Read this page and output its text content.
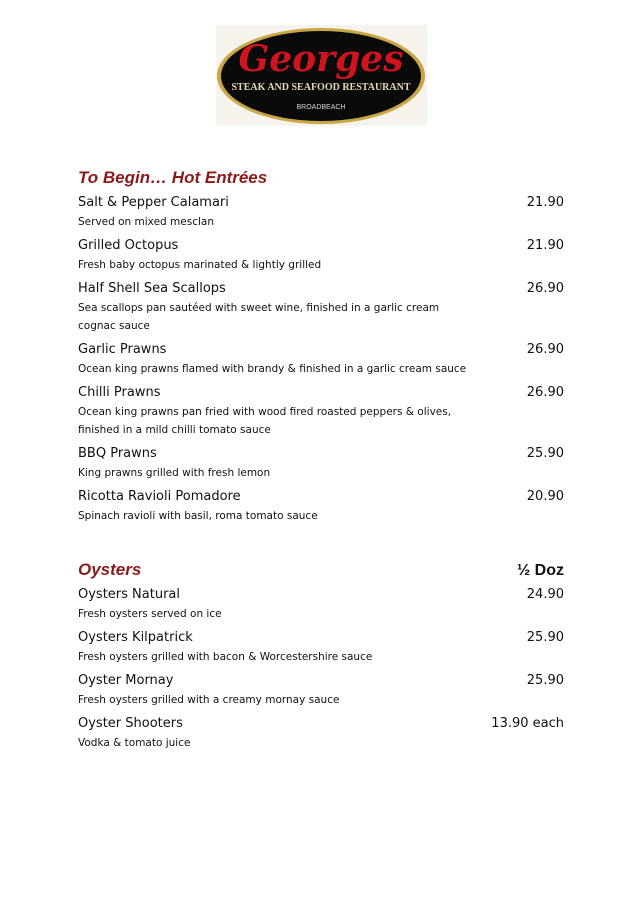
Georges
STEAK AND SEAFOOD RESTAURANT
BROADBEACH
To Begin… Hot Entrées
Salt & Pepper Calamari	21.90
Served on mixed mesclan
Grilled Octopus	21.90
Fresh baby octopus marinated & lightly grilled
Half Shell Sea Scallops	26.90
Sea scallops pan sautéed with sweet wine, finished in a garlic cream cognac sauce
Garlic Prawns	26.90
Ocean king prawns flamed with brandy & finished in a garlic cream sauce
Chilli Prawns	26.90
Ocean king prawns pan fried with wood fired roasted peppers & olives, finished in a mild chilli tomato sauce
BBQ Prawns	25.90
King prawns grilled with fresh lemon
Ricotta Ravioli Pomadore	20.90
Spinach ravioli with basil, roma tomato sauce
Oysters	½ Doz
Oysters Natural	24.90
Fresh oysters served on ice
Oysters Kilpatrick	25.90
Fresh oysters grilled with bacon & Worcestershire sauce
Oyster Mornay	25.90
Fresh oysters grilled with a creamy mornay sauce
Oyster Shooters	13.90 each
Vodka & tomato juice
